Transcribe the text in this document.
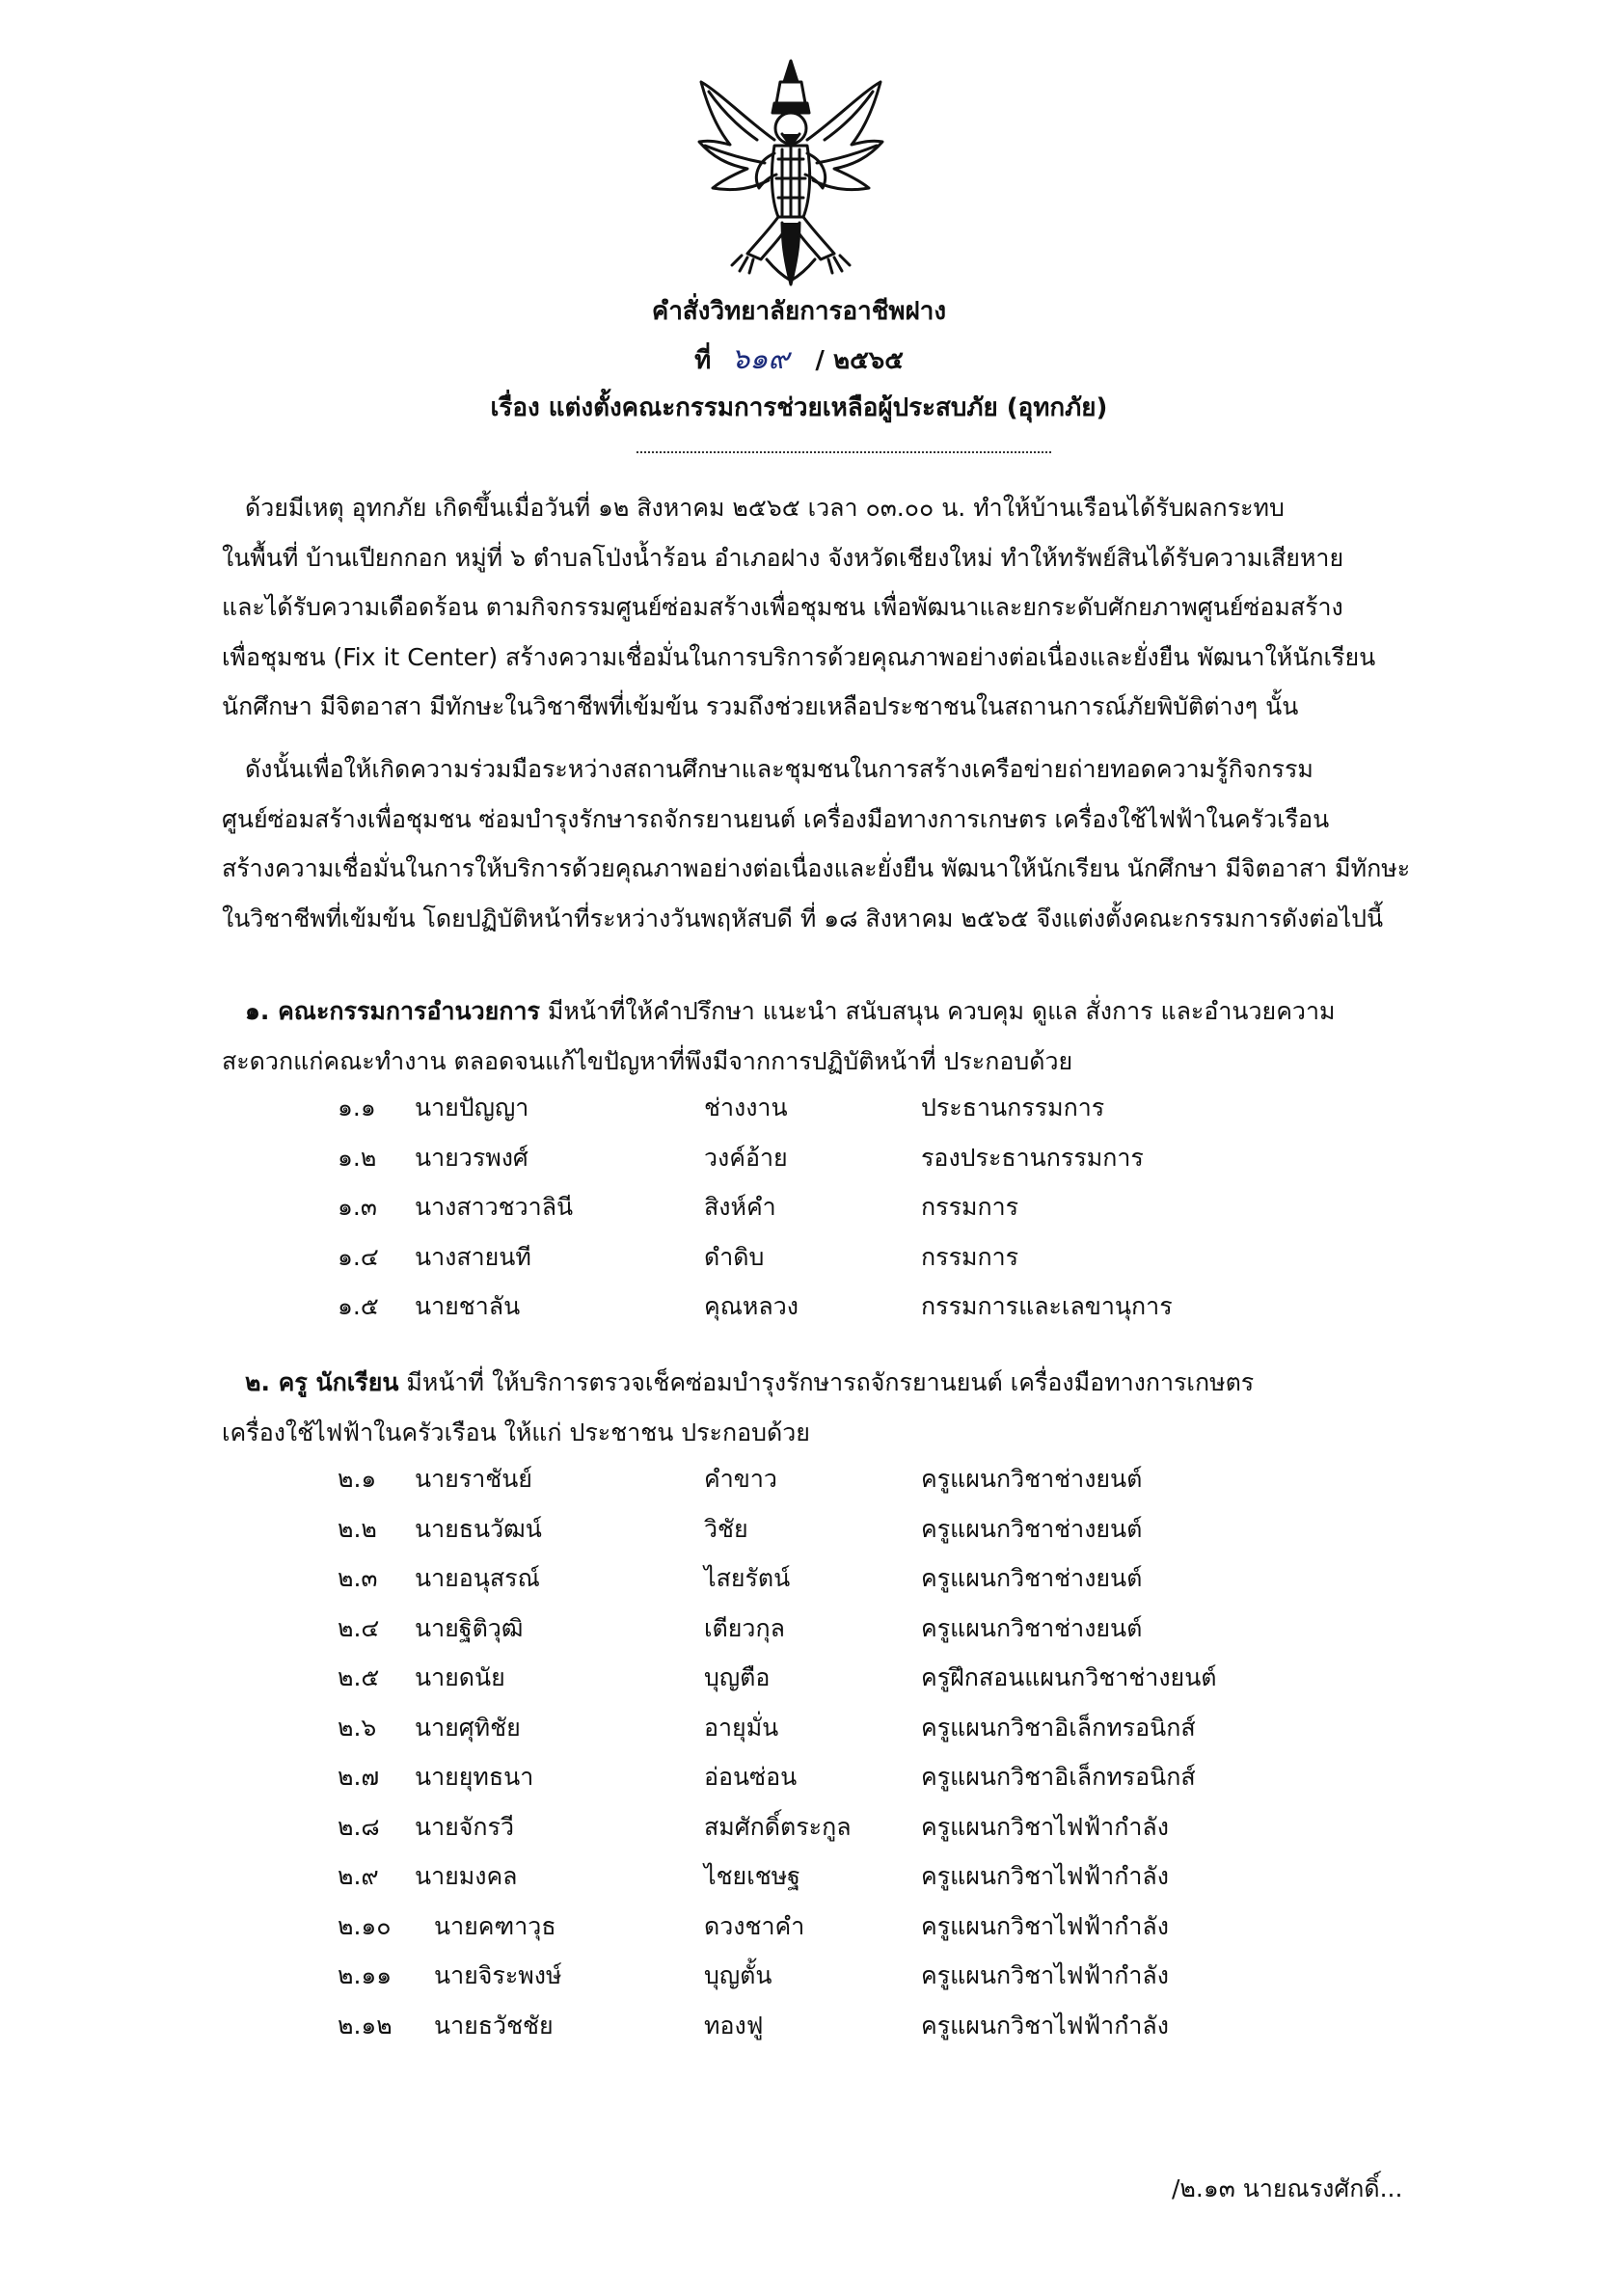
คำสั่งวิทยาลัยการอาชีพฝาง
ที่ ๖๑๙ / ๒๕๖๕
เรื่อง แต่งตั้งคณะกรรมการช่วยเหลือผู้ประสบภัย (อุทกภัย)
ด้วยมีเหตุ อุทกภัย เกิดขึ้นเมื่อวันที่ ๑๒ สิงหาคม ๒๕๖๕ เวลา ๐๓.๐๐ น. ทำให้บ้านเรือนได้รับผลกระทบ
ในพื้นที่ บ้านเปียกกอก หมู่ที่ ๖ ตำบลโป่งน้ำร้อน อำเภอฝาง จังหวัดเชียงใหม่ ทำให้ทรัพย์สินได้รับความเสียหาย
และได้รับความเดือดร้อน ตามกิจกรรมศูนย์ซ่อมสร้างเพื่อชุมชน เพื่อพัฒนาและยกระดับศักยภาพศูนย์ซ่อมสร้าง
เพื่อชุมชน (Fix it Center) สร้างความเชื่อมั่นในการบริการด้วยคุณภาพอย่างต่อเนื่องและยั่งยืน พัฒนาให้นักเรียน
นักศึกษา มีจิตอาสา มีทักษะในวิชาชีพที่เข้มข้น รวมถึงช่วยเหลือประชาชนในสถานการณ์ภัยพิบัติต่างๆ นั้น
ดังนั้นเพื่อให้เกิดความร่วมมือระหว่างสถานศึกษาและชุมชนในการสร้างเครือข่ายถ่ายทอดความรู้กิจกรรม
ศูนย์ซ่อมสร้างเพื่อชุมชน ซ่อมบำรุงรักษารถจักรยานยนต์ เครื่องมือทางการเกษตร เครื่องใช้ไฟฟ้าในครัวเรือน
สร้างความเชื่อมั่นในการให้บริการด้วยคุณภาพอย่างต่อเนื่องและยั่งยืน พัฒนาให้นักเรียน นักศึกษา มีจิตอาสา มีทักษะ
ในวิชาชีพที่เข้มข้น โดยปฏิบัติหน้าที่ระหว่างวันพฤหัสบดี ที่ ๑๘ สิงหาคม ๒๕๖๕ จึงแต่งตั้งคณะกรรมการดังต่อไปนี้
๑. คณะกรรมการอำนวยการ มีหน้าที่ให้คำปรึกษา แนะนำ สนับสนุน ควบคุม ดูแล สั่งการ และอำนวยความ
สะดวกแก่คณะทำงาน ตลอดจนแก้ไขปัญหาที่พึงมีจากการปฏิบัติหน้าที่ ประกอบด้วย
๑.๑ นายปัญญา	ช่างงาน	ประธานกรรมการ
๑.๒ นายวรพงศ์	วงค์อ้าย	รองประธานกรรมการ
๑.๓ นางสาวชวาลินี	สิงห์คำ	กรรมการ
๑.๔ นางสายนที	ดำดิบ	กรรมการ
๑.๕ นายชาลัน	คุณหลวง	กรรมการและเลขานุการ
๒. ครู นักเรียน มีหน้าที่ ให้บริการตรวจเช็คซ่อมบำรุงรักษารถจักรยานยนต์ เครื่องมือทางการเกษตร
เครื่องใช้ไฟฟ้าในครัวเรือน ให้แก่ ประชาชน ประกอบด้วย
๒.๑ นายราชันย์	คำขาว	ครูแผนกวิชาช่างยนต์
๒.๒ นายธนวัฒน์	วิชัย	ครูแผนกวิชาช่างยนต์
๒.๓ นายอนุสรณ์	ไสยรัตน์	ครูแผนกวิชาช่างยนต์
๒.๔ นายฐิติวุฒิ	เตียวกุล	ครูแผนกวิชาช่างยนต์
๒.๕ นายดนัย	บุญตือ	ครูฝึกสอนแผนกวิชาช่างยนต์
๒.๖ นายศุทิชัย	อายุมั่น	ครูแผนกวิชาอิเล็กทรอนิกส์
๒.๗ นายยุทธนา	อ่อนซ่อน	ครูแผนกวิชาอิเล็กทรอนิกส์
๒.๘ นายจักรวี	สมศักดิ์ตระกูล	ครูแผนกวิชาไฟฟ้ากำลัง
๒.๙ นายมงคล	ไชยเชษฐ	ครูแผนกวิชาไฟฟ้ากำลัง
๒.๑๐ นายคฑาวุธ	ดวงชาคำ	ครูแผนกวิชาไฟฟ้ากำลัง
๒.๑๑ นายจิระพงษ์	บุญตั้น	ครูแผนกวิชาไฟฟ้ากำลัง
๒.๑๒ นายธวัชชัย	ทองฟู	ครูแผนกวิชาไฟฟ้ากำลัง
/๒.๑๓ นายณรงศักดิ์...
